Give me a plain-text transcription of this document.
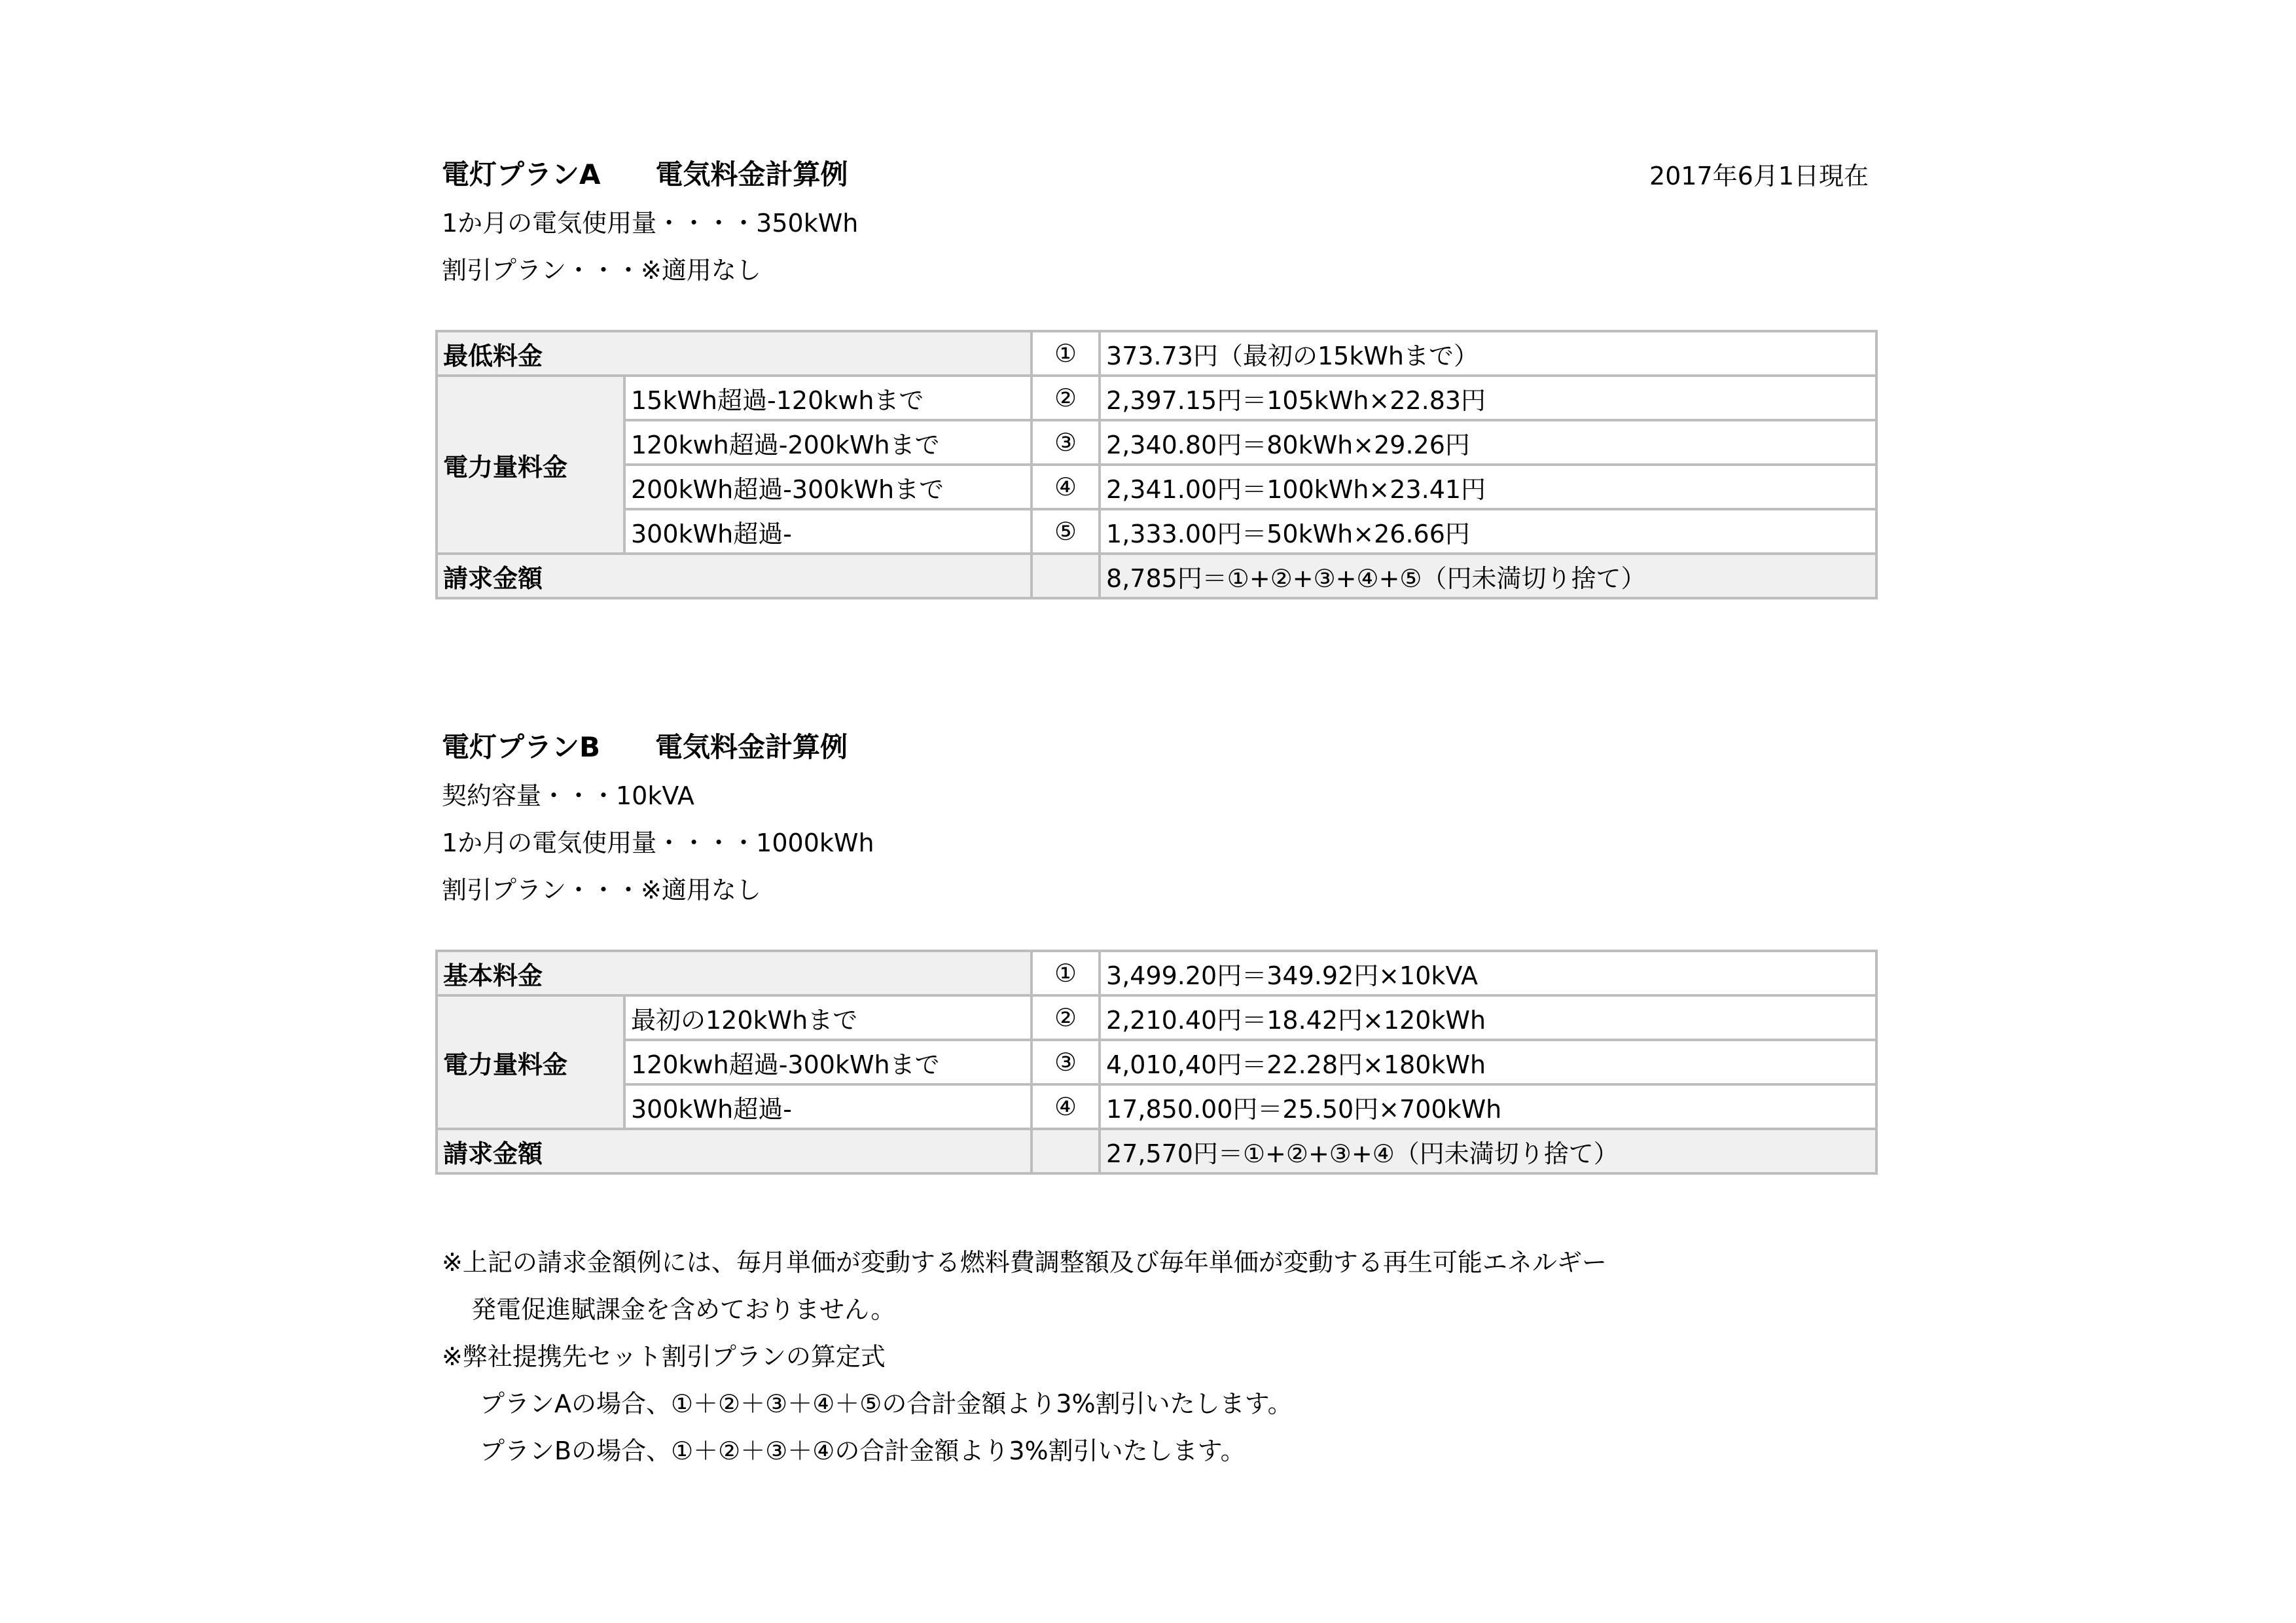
電灯プランA　　電気料金計算例	2017年6月1日現在
1か月の電気使用量・・・・350kWh
割引プラン・・・※適用なし
最低料金		①	373.73円（最初の15kWhまで）
電力量料金	15kWh超過-120kwhまで	②	2,397.15円＝105kWh×22.83円
	120kwh超過-200kWhまで	③	2,340.80円＝80kWh×29.26円
	200kWh超過-300kWhまで	④	2,341.00円＝100kWh×23.41円
	300kWh超過-	⑤	1,333.00円＝50kWh×26.66円
請求金額			8,785円＝①+②+③+④+⑤（円未満切り捨て）
電灯プランB　　電気料金計算例
契約容量・・・10kVA
1か月の電気使用量・・・・1000kWh
割引プラン・・・※適用なし
基本料金		①	3,499.20円＝349.92円×10kVA
電力量料金	最初の120kWhまで	②	2,210.40円＝18.42円×120kWh
	120kwh超過-300kWhまで	③	4,010,40円＝22.28円×180kWh
	300kWh超過-	④	17,850.00円＝25.50円×700kWh
請求金額			27,570円＝①+②+③+④（円未満切り捨て）
※上記の請求金額例には、毎月単価が変動する燃料費調整額及び毎年単価が変動する再生可能エネルギー
発電促進賦課金を含めておりません。
※弊社提携先セット割引プランの算定式
プランAの場合、①＋②＋③＋④＋⑤の合計金額より3%割引いたします。
プランBの場合、①＋②＋③＋④の合計金額より3%割引いたします。
